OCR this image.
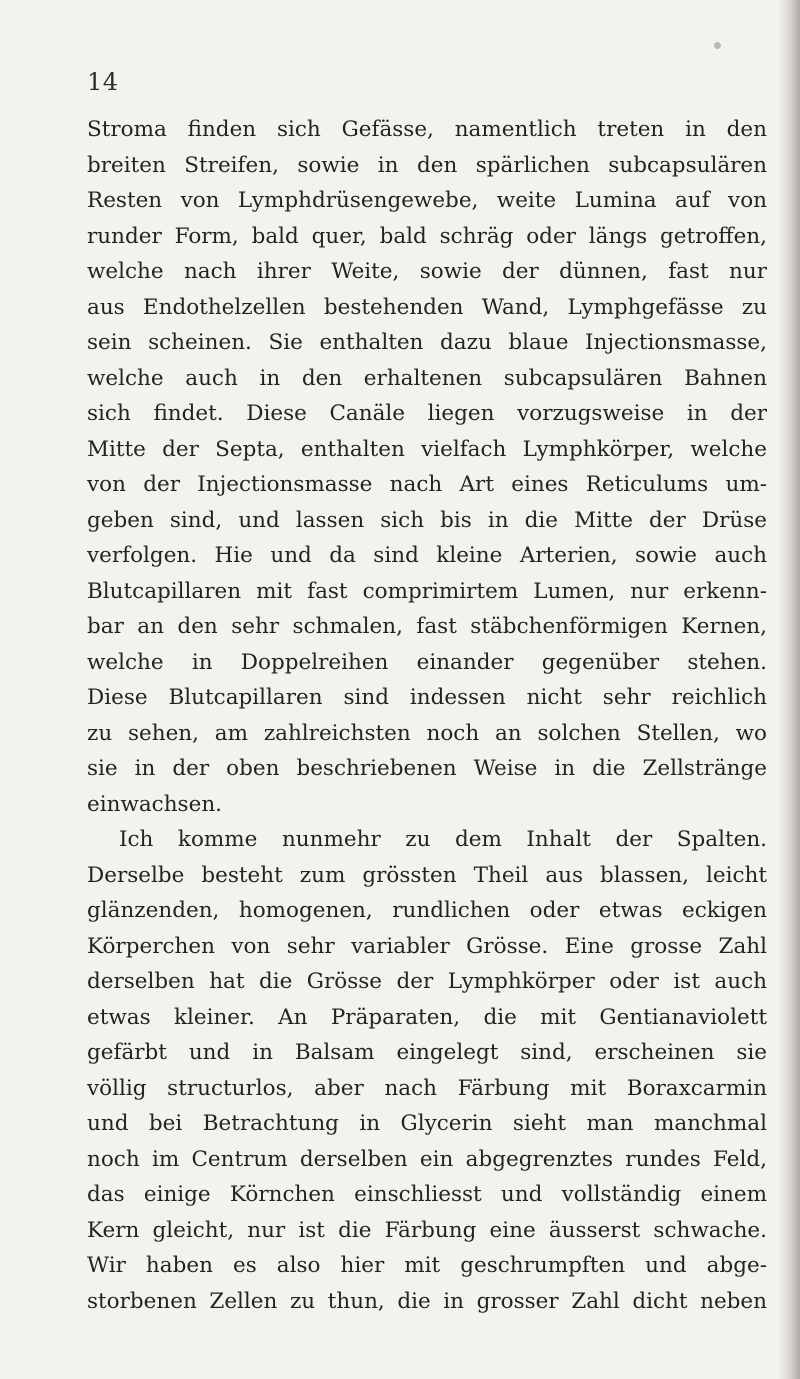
14
Stroma finden sich Gefässe, namentlich treten in den
breiten Streifen, sowie in den spärlichen subcapsulären
Resten von Lymphdrüsengewebe, weite Lumina auf von
runder Form, bald quer, bald schräg oder längs getroffen,
welche nach ihrer Weite, sowie der dünnen, fast nur
aus Endothelzellen bestehenden Wand, Lymphgefässe zu
sein scheinen. Sie enthalten dazu blaue Injectionsmasse,
welche auch in den erhaltenen subcapsulären Bahnen
sich findet. Diese Canäle liegen vorzugsweise in der
Mitte der Septa, enthalten vielfach Lymphkörper, welche
von der Injectionsmasse nach Art eines Reticulums um-
geben sind, und lassen sich bis in die Mitte der Drüse
verfolgen. Hie und da sind kleine Arterien, sowie auch
Blutcapillaren mit fast comprimirtem Lumen, nur erkenn-
bar an den sehr schmalen, fast stäbchenförmigen Kernen,
welche in Doppelreihen einander gegenüber stehen.
Diese Blutcapillaren sind indessen nicht sehr reichlich
zu sehen, am zahlreichsten noch an solchen Stellen, wo
sie in der oben beschriebenen Weise in die Zellstränge
einwachsen.
Ich komme nunmehr zu dem Inhalt der Spalten.
Derselbe besteht zum grössten Theil aus blassen, leicht
glänzenden, homogenen, rundlichen oder etwas eckigen
Körperchen von sehr variabler Grösse. Eine grosse Zahl
derselben hat die Grösse der Lymphkörper oder ist auch
etwas kleiner. An Präparaten, die mit Gentianaviolett
gefärbt und in Balsam eingelegt sind, erscheinen sie
völlig structurlos, aber nach Färbung mit Boraxcarmin
und bei Betrachtung in Glycerin sieht man manchmal
noch im Centrum derselben ein abgegrenztes rundes Feld,
das einige Körnchen einschliesst und vollständig einem
Kern gleicht, nur ist die Färbung eine äusserst schwache.
Wir haben es also hier mit geschrumpften und abge-
storbenen Zellen zu thun, die in grosser Zahl dicht neben
